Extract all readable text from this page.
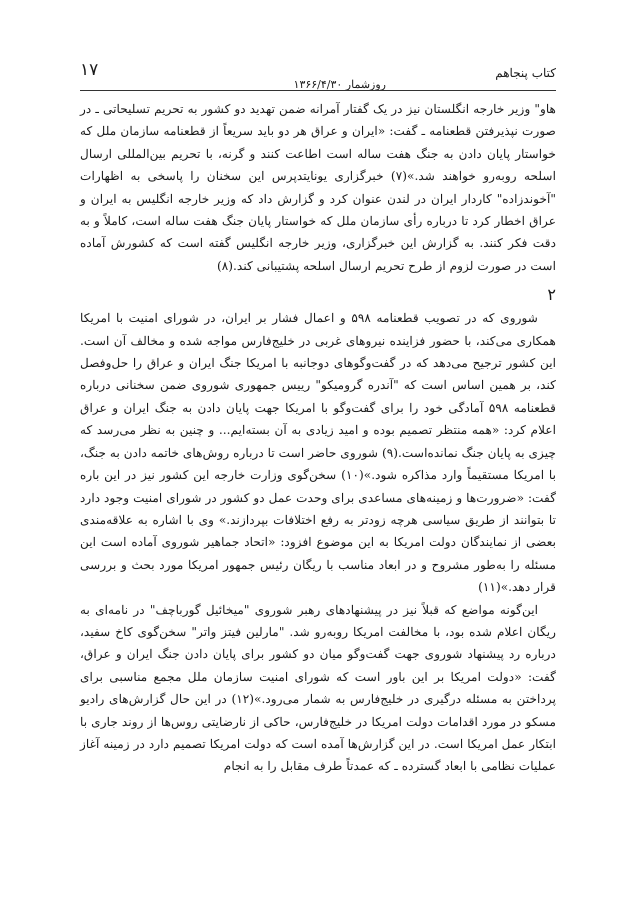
کتاب پنجاهم
روزشمار ۱۳۶۶/۴/۳۰
۱۷

هاو" وزیر خارجه انگلستان نیز در یک گفتار آمرانه ضمن تهدید دو کشور به تحریم تسلیحاتی ـ در صورت نپذیرفتن قطعنامه ـ گفت: «ایران و عراق هر دو باید سریعاً از قطعنامه سازمان ملل که خواستار پایان دادن به جنگ هفت ساله است اطاعت کنند و گرنه، با تحریم بین‌المللی ارسال اسلحه روبه‌رو خواهند شد.»(۷) خبرگزاری یونایتدپرس این سخنان را پاسخی به اظهارات "آخوندزاده" کاردار ایران در لندن عنوان کرد و گزارش داد که وزیر خارجه انگلیس به ایران و عراق اخطار کرد تا درباره رأی سازمان ملل که خواستار پایان جنگ هفت ساله است، کاملاً و به دقت فکر کنند. به گزارش این خبرگزاری، وزیر خارجه انگلیس گفته است که کشورش آماده است در صورت لزوم از طرح تحریم ارسال اسلحه پشتیبانی کند.(۸)

۲

شوروی که در تصویب قطعنامه ۵۹۸ و اعمال فشار بر ایران، در شورای امنیت با امریکا همکاری می‌کند، با حضور فزاینده نیروهای غربی در خلیج‌فارس مواجه شده و مخالف آن است. این کشور ترجیح می‌دهد که در گفت‌وگوهای دوجانبه با امریکا جنگ ایران و عراق را حل‌وفصل کند، بر همین اساس است که "آندره گرومیکو" رییس جمهوری شوروی ضمن سخنانی درباره قطعنامه ۵۹۸ آمادگی خود را برای گفت‌وگو با امریکا جهت پایان دادن به جنگ ایران و عراق اعلام کرد: «همه منتظر تصمیم بوده و امید زیادی به آن بسته‌ایم... و چنین به نظر می‌رسد که چیزی به پایان جنگ نمانده‌است.(۹) شوروی حاضر است تا درباره روش‌های خاتمه دادن به جنگ، با امریکا مستقیماً وارد مذاکره شود.»(۱۰) سخن‌گوی وزارت خارجه این کشور نیز در این باره گفت: «ضرورت‌ها و زمینه‌های مساعدی برای وحدت عمل دو کشور در شورای امنیت وجود دارد تا بتوانند از طریق سیاسی هرچه زودتر به رفع اختلافات بپردازند.» وی با اشاره به علاقه‌مندی بعضی از نمایندگان دولت امریکا به این موضوع افزود: «اتحاد جماهیر شوروی آماده است این مسئله را به‌طور مشروح و در ابعاد مناسب با ریگان رئیس جمهور امریکا مورد بحث و بررسی قرار دهد.»(۱۱)

این‌گونه مواضع که قبلاً نیز در پیشنهادهای رهبر شوروی "میخائیل گورباچف" در نامه‌ای به ریگان اعلام شده بود، با مخالفت امریکا روبه‌رو شد. "مارلین فیتز واتر" سخن‌گوی کاخ سفید، درباره رد پیشنهاد شوروی جهت گفت‌وگو میان دو کشور برای پایان دادن جنگ ایران و عراق، گفت: «دولت امریکا بر این باور است که شورای امنیت سازمان ملل مجمع مناسبی برای پرداختن به مسئله درگیری در خلیج‌فارس به شمار می‌رود.»(۱۲) در این حال گزارش‌های رادیو مسکو در مورد اقدامات دولت امریکا در خلیج‌فارس، حاکی از نارضایتی روس‌ها از روند جاری با ابتکار عمل امریکا است. در این گزارش‌ها آمده است که دولت امریکا تصمیم دارد در زمینه آغاز عملیات نظامی با ابعاد گسترده ـ که عمدتاً طرف مقابل را به انجام
